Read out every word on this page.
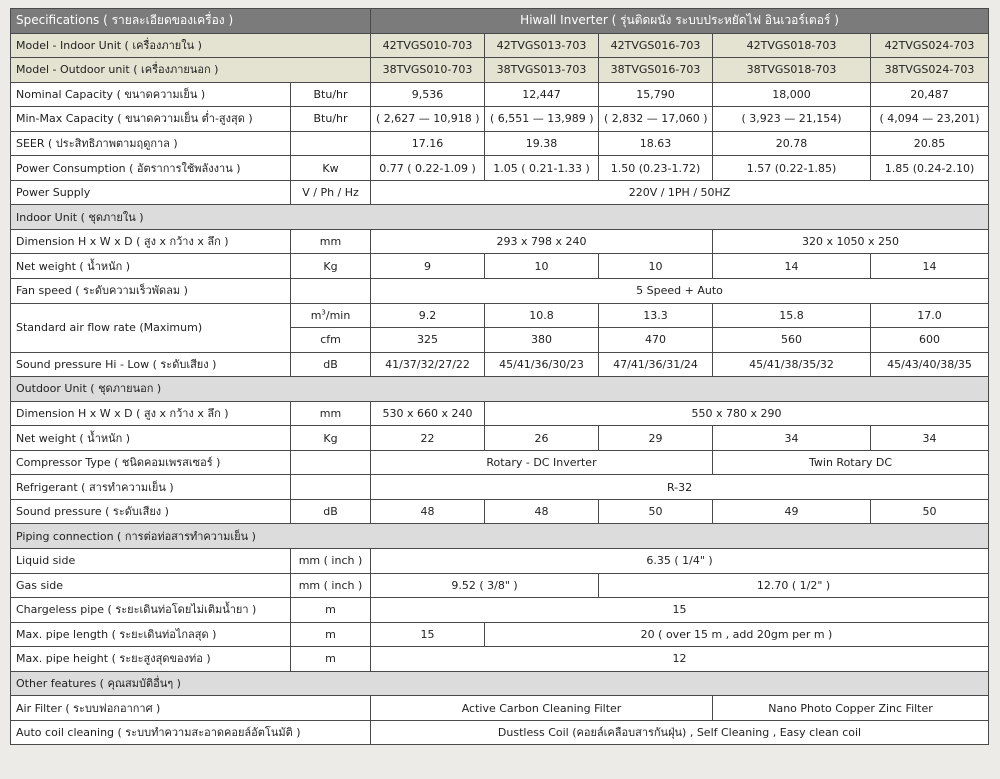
Specifications ( รายละเอียดของเครื่อง )		Hiwall Inverter ( รุ่นติดผนัง ระบบประหยัดไฟ อินเวอร์เตอร์ )				
Model - Indoor Unit ( เครื่องภายใน )		42TVGS010-703	42TVGS013-703	42TVGS016-703	42TVGS018-703	42TVGS024-703
Model - Outdoor unit ( เครื่องภายนอก )		38TVGS010-703	38TVGS013-703	38TVGS016-703	38TVGS018-703	38TVGS024-703
Nominal Capacity ( ขนาดความเย็น )	Btu/hr	9,536	12,447	15,790	18,000	20,487
Min-Max Capacity ( ขนาดความเย็น ต่ำ-สูงสุด )	Btu/hr	( 2,627 — 10,918 )	( 6,551 — 13,989 )	( 2,832 — 17,060 )	( 3,923 — 21,154)	( 4,094 — 23,201)
SEER ( ประสิทธิภาพตามฤดูกาล )		17.16	19.38	18.63	20.78	20.85
Power Consumption ( อัตราการใช้พลังงาน )	Kw	0.77 ( 0.22-1.09 )	1.05 ( 0.21-1.33 )	1.50 (0.23-1.72)	1.57 (0.22-1.85)	1.85 (0.24-2.10)
Power Supply	V / Ph / Hz	220V / 1PH / 50HZ				
Indoor Unit ( ชุดภายใน )						
Dimension H x W x D ( สูง x กว้าง x ลึก )	mm	293 x 798 x 240			320 x 1050 x 250	
Net weight ( น้ำหนัก )	Kg	9	10	10	14	14
Fan speed ( ระดับความเร็วพัดลม )		5 Speed + Auto				
Standard air flow rate (Maximum)	$m^3/\min$	9.2	10.8	13.3	15.8	17.0
	cfm	325	380	470	560	600
Sound pressure Hi - Low ( ระดับเสียง )	dB	41/37/32/27/22	45/41/36/30/23	47/41/36/31/24	45/41/38/35/32	45/43/40/38/35
Outdoor Unit ( ชุดภายนอก )						
Dimension H x W x D ( สูง x กว้าง x ลึก )	mm	530 x 660 x 240	550 x 780 x 290			
Net weight ( น้ำหนัก )	Kg	22	26	29	34	34
Compressor Type ( ชนิดคอมเพรสเซอร์ )		Rotary - DC Inverter			Twin Rotary DC	
Refrigerant ( สารทำความเย็น )		R-32				
Sound pressure ( ระดับเสียง )	dB	48	48	50	49	50
Piping connection ( การต่อท่อสารทำความเย็น )						
Liquid side	mm ( inch )	6.35 ( 1/4" )				
Gas side	mm ( inch )	9.52 ( 3/8" )		12.70 ( 1/2" )		
Chargeless pipe ( ระยะเดินท่อโดยไม่เติมน้ำยา )	m	15				
Max. pipe length ( ระยะเดินท่อไกลสุด )	m	15	20 ( over 15 m , add 20gm per m )			
Max. pipe height ( ระยะสูงสุดของท่อ )	m	12				
Other features ( คุณสมบัติอื่นๆ )						
Air Filter ( ระบบฟอกอากาศ )		Active Carbon Cleaning Filter			Nano Photo Copper Zinc Filter	
Auto coil cleaning ( ระบบทำความสะอาดคอยล์อัตโนมัติ )		Dustless Coil (คอยล์เคลือบสารกันฝุ่น) , Self Cleaning , Easy clean coil				
